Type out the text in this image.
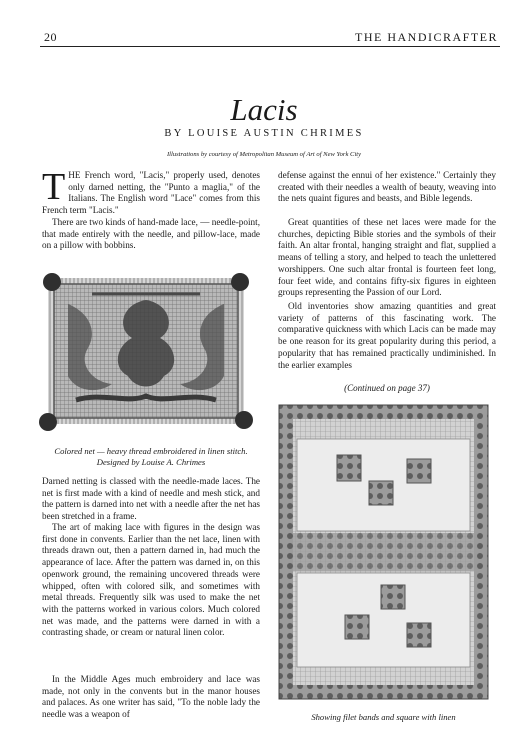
20	THE HANDICRAFTER
Lacis
BY LOUISE AUSTIN CHRIMES
Illustrations by courtesy of Metropolitan Museum of Art of New York City

THE French word, "Lacis," properly used, denotes only darned netting, the "Punto a maglia," of the Italians. The English word "Lace" comes from this French term "Lacis."

There are two kinds of hand-made lace, — needle-point, that made entirely with the needle, and pillow-lace, made on a pillow with bobbins.

Colored net — heavy thread embroidered in linen stitch.

Designed by Louise A. Chrimes

Darned netting is classed with the needle-made laces. The net is first made with a kind of needle and mesh stick, and the pattern is darned into net with a needle after the net has been stretched in a frame.

The art of making lace with figures in the design was first done in convents. Earlier than the net lace, linen with threads drawn out, then a pattern darned in, had much the appearance of lace. After the pattern was darned in, on this openwork ground, the remaining uncovered threads were whipped, often with colored silk, and sometimes with metal threads. Frequently silk was used to make the net with the patterns worked in various colors. Much colored net was made, and the patterns were darned in with a contrasting shade, or cream or natural linen color.

In the Middle Ages much embroidery and lace was made, not only in the convents but in the manor houses and palaces. As one writer has said, "To the noble lady the needle was a weapon of

defense against the ennui of her existence." Certainly they created with their needles a wealth of beauty, weaving into the nets quaint figures and beasts, and Bible legends.

Great quantities of these net laces were made for the churches, depicting Bible stories and the symbols of their faith. An altar frontal, hanging straight and flat, supplied a means of telling a story, and helped to teach the unlettered worshippers. One such altar frontal is fourteen feet long, four feet wide, and contains fifty-six figures in eighteen groups representing the Passion of our Lord.

Old inventories show amazing quantities and great variety of patterns of this fascinating work. The comparative quickness with which Lacis can be made may be one reason for its great popularity during this period, a popularity that has remained practically undiminished. In the earlier examples

(Continued on page 37)

Showing filet bands and square with linen
